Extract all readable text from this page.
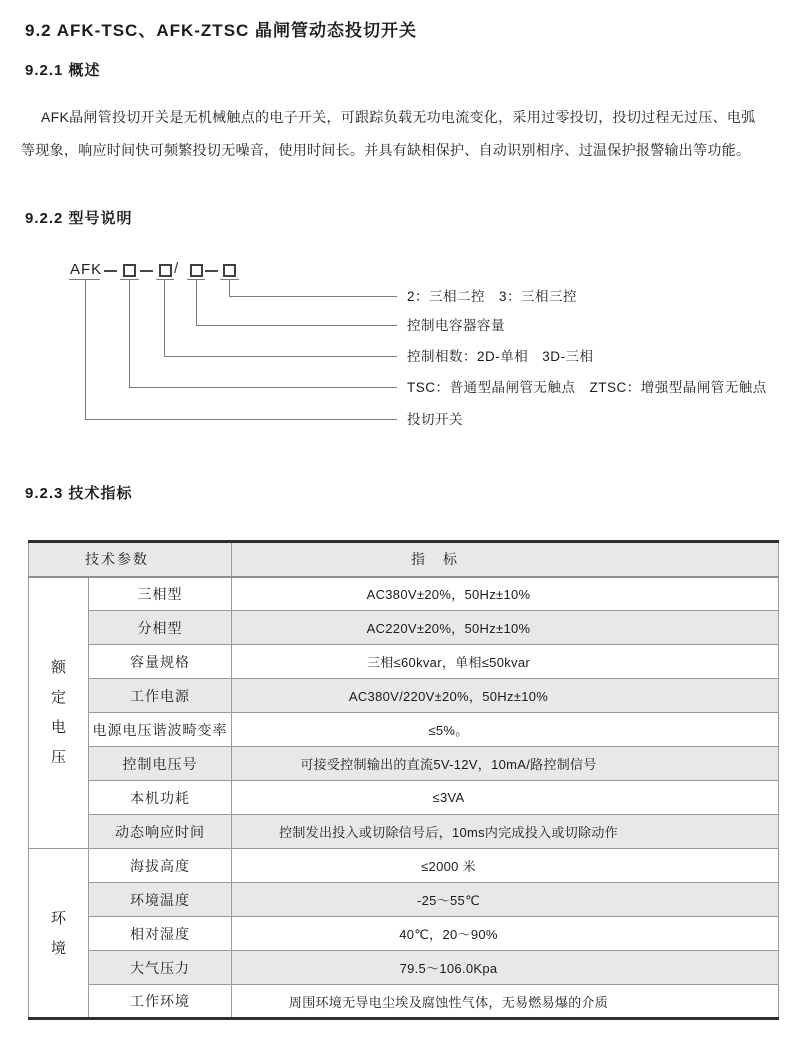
9.2 AFK-TSC、AFK-ZTSC 晶闸管动态投切开关
9.2.1 概述
AFK晶闸管投切开关是无机械触点的电子开关，可跟踪负载无功电流变化，采用过零投切，投切过程无过压、电弧
等现象，响应时间快可频繁投切无噪音，使用时间长。并具有缺相保护、自动识别相序、过温保护报警输出等功能。
9.2.2 型号说明
AFK	/
2：三相二控　3：三相三控
控制电容器容量
控制相数：2D-单相　3D-三相
TSC：普通型晶闸管无触点　ZTSC：增强型晶闸管无触点
投切开关
9.2.3 技术指标
技术参数		指　标

额
定
电
压	三相型	AC380V±20%，50Hz±10%
	分相型	AC220V±20%，50Hz±10%
	容量规格	三相≤60kvar，单相≤50kvar
	工作电源	AC380V/220V±20%，50Hz±10%
	电源电压谐波畸变率	≤5%。
	控制电压号	可接受控制输出的直流5V-12V，10mA/路控制信号
	本机功耗	≤3VA
	动态响应时间	控制发出投入或切除信号后，10ms内完成投入或切除动作

环
境	海拔高度	≤2000 米
	环境温度	-25～55℃
	相对湿度	40℃，20～90%
	大气压力	79.5～106.0Kpa
	工作环境	周围环境无导电尘埃及腐蚀性气体，无易燃易爆的介质
